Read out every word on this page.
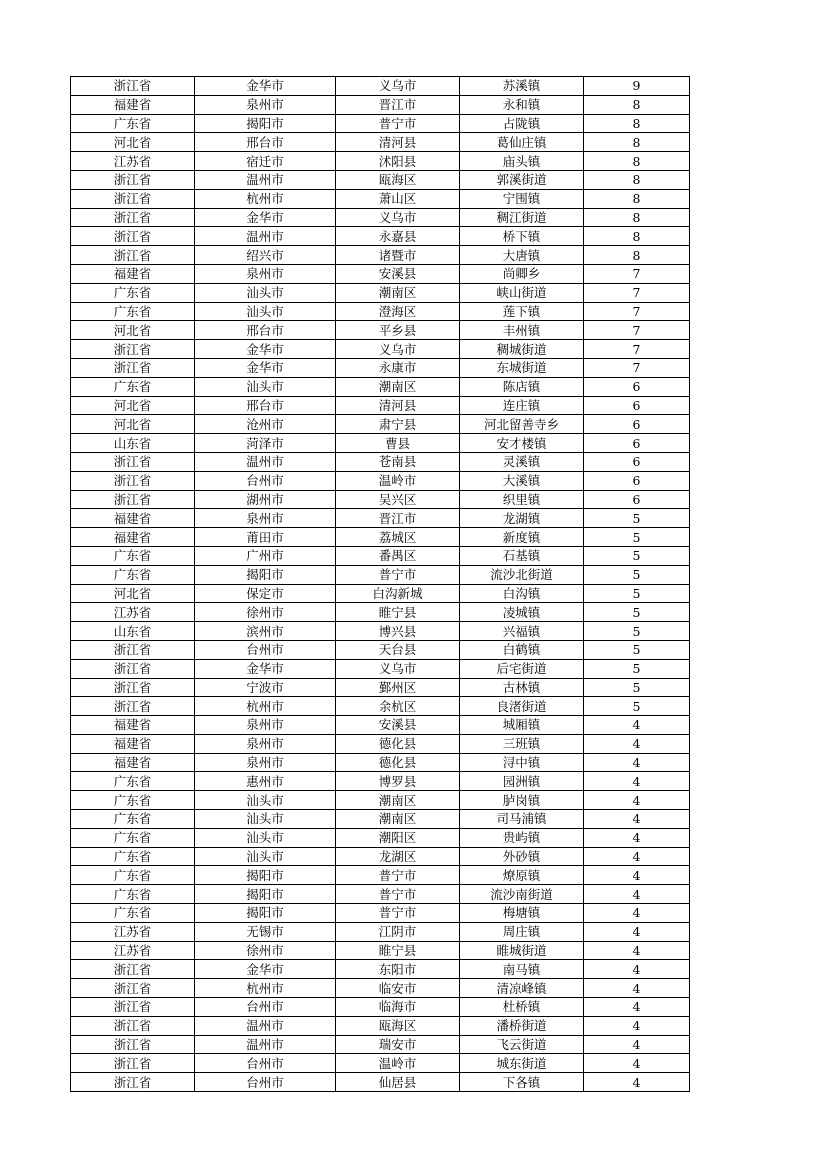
浙江省	金华市	义乌市	苏溪镇	9
福建省	泉州市	晋江市	永和镇	8
广东省	揭阳市	普宁市	占陇镇	8
河北省	邢台市	清河县	葛仙庄镇	8
江苏省	宿迁市	沭阳县	庙头镇	8
浙江省	温州市	瓯海区	郭溪街道	8
浙江省	杭州市	萧山区	宁围镇	8
浙江省	金华市	义乌市	稠江街道	8
浙江省	温州市	永嘉县	桥下镇	8
浙江省	绍兴市	诸暨市	大唐镇	8
福建省	泉州市	安溪县	尚卿乡	7
广东省	汕头市	潮南区	峡山街道	7
广东省	汕头市	澄海区	莲下镇	7
河北省	邢台市	平乡县	丰州镇	7
浙江省	金华市	义乌市	稠城街道	7
浙江省	金华市	永康市	东城街道	7
广东省	汕头市	潮南区	陈店镇	6
河北省	邢台市	清河县	连庄镇	6
河北省	沧州市	肃宁县	河北留善寺乡	6
山东省	菏泽市	曹县	安才楼镇	6
浙江省	温州市	苍南县	灵溪镇	6
浙江省	台州市	温岭市	大溪镇	6
浙江省	湖州市	吴兴区	织里镇	6
福建省	泉州市	晋江市	龙湖镇	5
福建省	莆田市	荔城区	新度镇	5
广东省	广州市	番禺区	石基镇	5
广东省	揭阳市	普宁市	流沙北街道	5
河北省	保定市	白沟新城	白沟镇	5
江苏省	徐州市	睢宁县	凌城镇	5
山东省	滨州市	博兴县	兴福镇	5
浙江省	台州市	天台县	白鹤镇	5
浙江省	金华市	义乌市	后宅街道	5
浙江省	宁波市	鄞州区	古林镇	5
浙江省	杭州市	余杭区	良渚街道	5
福建省	泉州市	安溪县	城厢镇	4
福建省	泉州市	德化县	三班镇	4
福建省	泉州市	德化县	浔中镇	4
广东省	惠州市	博罗县	园洲镇	4
广东省	汕头市	潮南区	胪岗镇	4
广东省	汕头市	潮南区	司马浦镇	4
广东省	汕头市	潮阳区	贵屿镇	4
广东省	汕头市	龙湖区	外砂镇	4
广东省	揭阳市	普宁市	燎原镇	4
广东省	揭阳市	普宁市	流沙南街道	4
广东省	揭阳市	普宁市	梅塘镇	4
江苏省	无锡市	江阴市	周庄镇	4
江苏省	徐州市	睢宁县	睢城街道	4
浙江省	金华市	东阳市	南马镇	4
浙江省	杭州市	临安市	清凉峰镇	4
浙江省	台州市	临海市	杜桥镇	4
浙江省	温州市	瓯海区	潘桥街道	4
浙江省	温州市	瑞安市	飞云街道	4
浙江省	台州市	温岭市	城东街道	4
浙江省	台州市	仙居县	下各镇	4
